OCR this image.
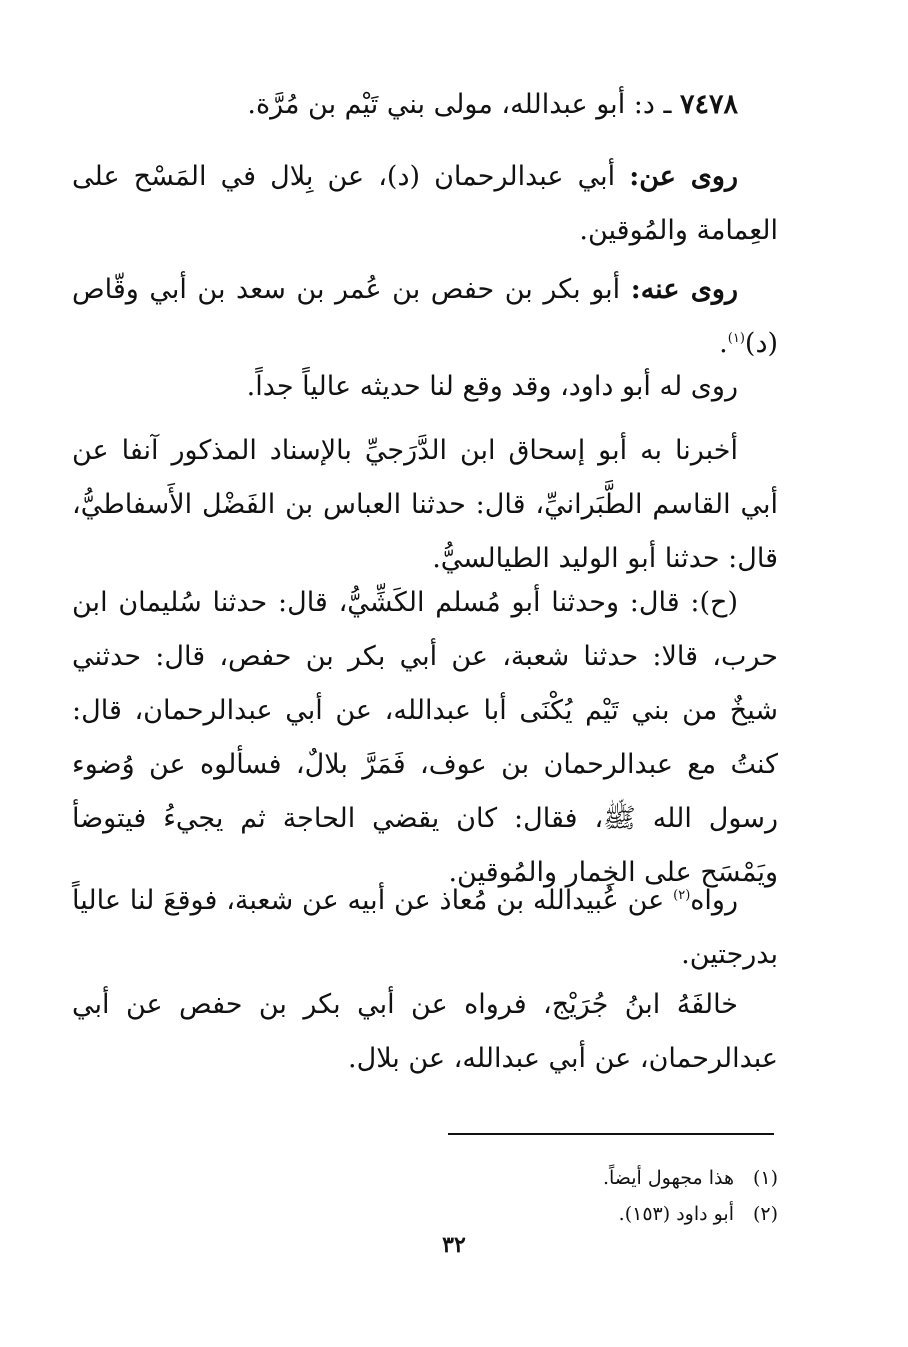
٧٤٧٨ ـ د: أبو عبدالله، مولى بني تَيْم بن مُرَّة.
روى عن: أبي عبدالرحمان (د)، عن بِلال في المَسْح على العِمامة والمُوقين.
روى عنه: أبو بكر بن حفص بن عُمر بن سعد بن أبي وقّاص (د)$^{(١)}$.
روى له أبو داود، وقد وقع لنا حديثه عالياً جداً.
أخبرنا به أبو إسحاق ابن الدَّرَجيِّ بالإسناد المذكور آنفا عن أبي القاسم الطَّبَرانيِّ، قال: حدثنا العباس بن الفَضْل الأَسفاطيُّ، قال: حدثنا أبو الوليد الطيالسيُّ.
(ح): قال: وحدثنا أبو مُسلم الكَشِّيُّ، قال: حدثنا سُليمان ابن حرب، قالا: حدثنا شعبة، عن أبي بكر بن حفص، قال: حدثني شيخٌ من بني تَيْم يُكْنَى أبا عبدالله، عن أبي عبدالرحمان، قال: كنتُ مع عبدالرحمان بن عوف، فَمَرَّ بلالٌ، فسألوه عن وُضوء رسول الله ﷺ، فقال: كان يقضي الحاجة ثم يجيءُ فيتوضأ ويَمْسَح على الخِمار والمُوقين.
رواه$^{(٢)}$ عن عُبيدالله بن مُعاذ عن أبيه عن شعبة، فوقعَ لنا عالياً بدرجتين.
خالفَهُ ابنُ جُرَيْج، فرواه عن أبي بكر بن حفص عن أبي عبدالرحمان، عن أبي عبدالله، عن بلال.
(١)هذا مجهول أيضاً.
(٢)أبو داود (١٥٣).
٣٢
